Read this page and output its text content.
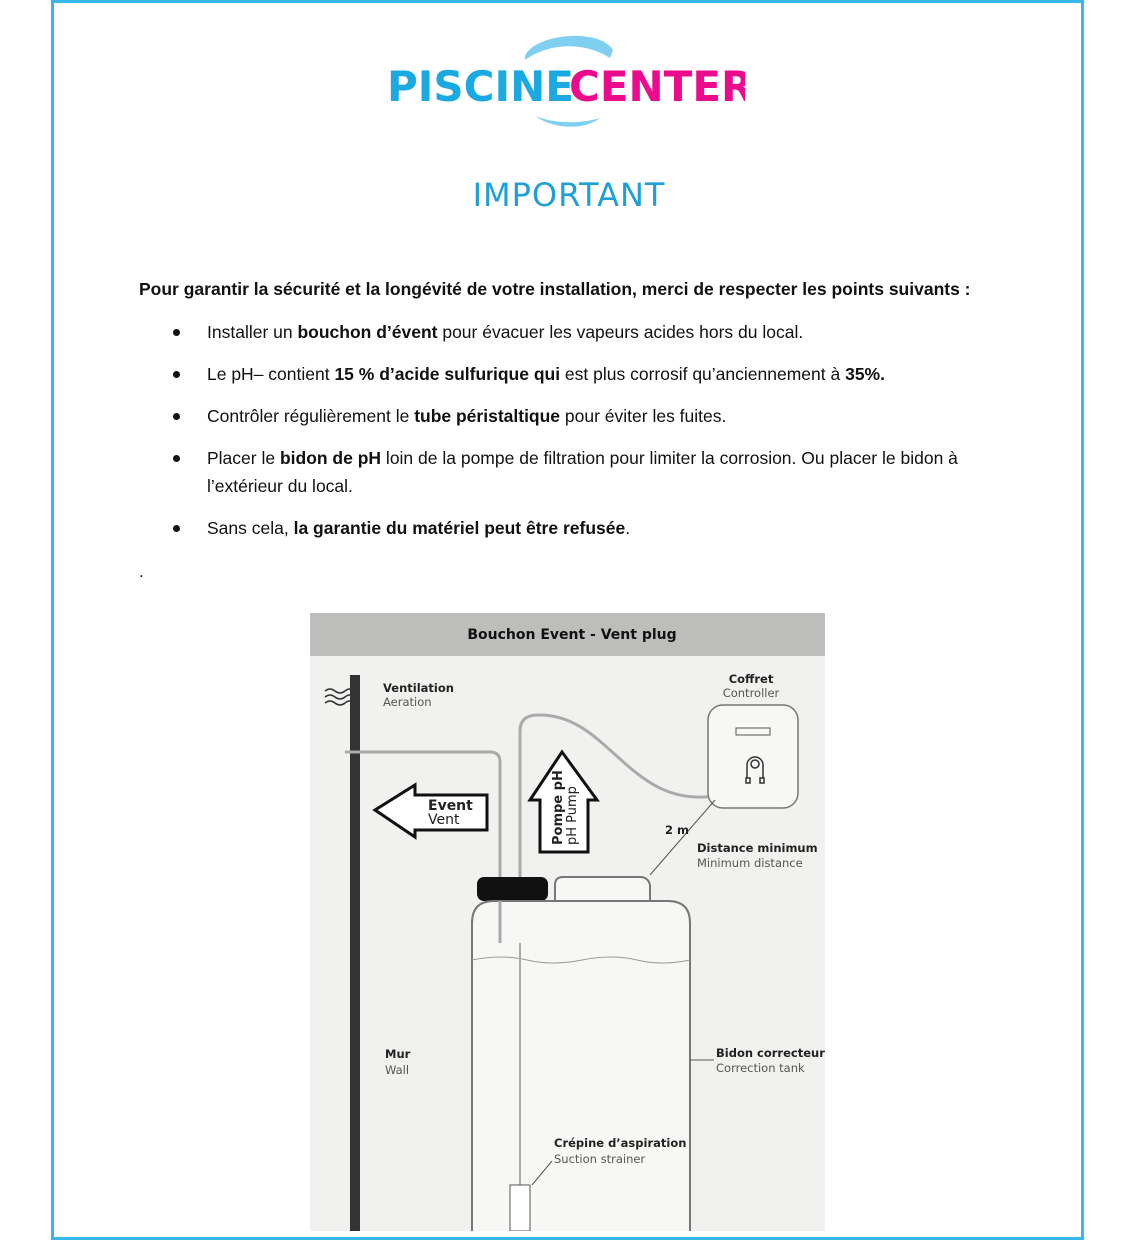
PISCINE
CENTER
IMPORTANT
Pour garantir la sécurité et la longévité de votre installation, merci de respecter les points suivants :
Installer un bouchon d’évent pour évacuer les vapeurs acides hors du local.
Le pH– contient 15 % d’acide sulfurique qui est plus corrosif qu’anciennement à 35%.
Contrôler régulièrement le tube péristaltique pour éviter les fuites.
Placer le bidon de pH loin de la pompe de filtration pour limiter la corrosion. Ou placer le bidon à l’extérieur du local.
Sans cela, la garantie du matériel peut être refusée.
.
Bouchon Event - Vent plug
Ventilation
Aeration
Event
Vent	Pompe pH pH Pump
Coffret
Controller
2 m
Distance minimum
Minimum distance
Mur
Wall
Bidon correcteur
Correction tank
Crépine d’aspiration
Suction strainer
